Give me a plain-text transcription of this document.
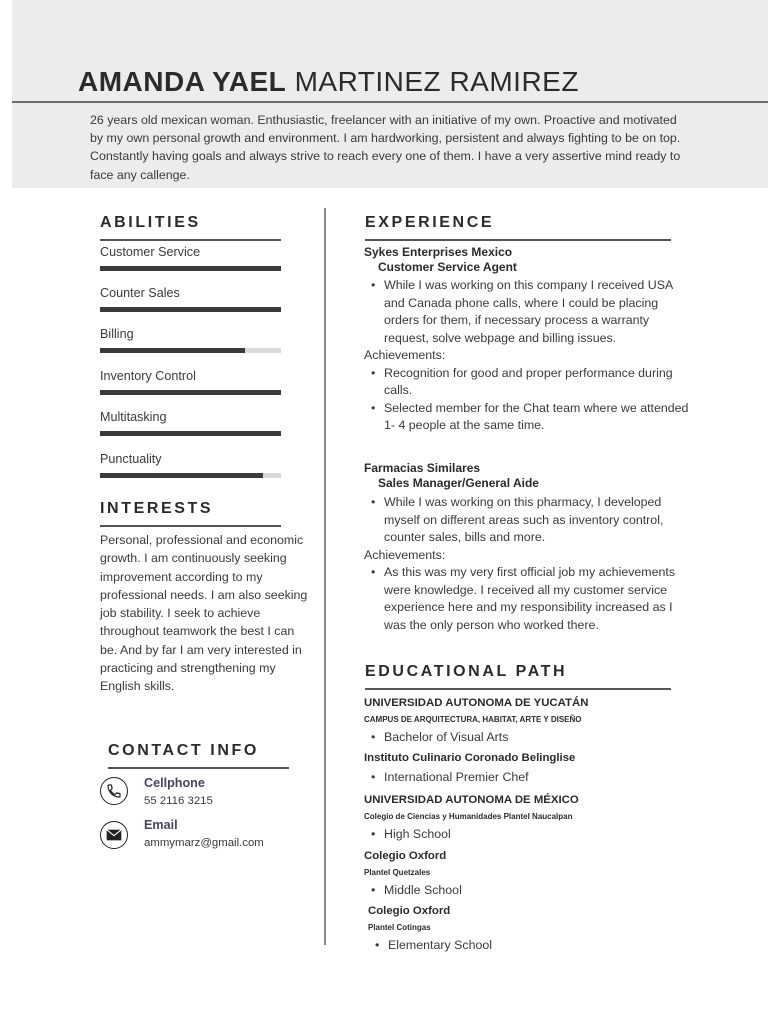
AMANDA YAEL MARTINEZ RAMIREZ
26 years old mexican woman. Enthusiastic, freelancer with an initiative of my own. Proactive and motivated by my own personal growth and environment. I am hardworking, persistent and always fighting to be on top. Constantly having goals and always strive to reach every one of them. I have a very assertive mind ready to face any callenge.
ABILITIES
Customer Service
Counter Sales
Billing
Inventory Control
Multitasking
Punctuality
INTERESTS
Personal, professional and economic growth. I am continuously seeking improvement according to my professional needs. I am also seeking job stability. I seek to achieve throughout teamwork the best I can be. And by far I am very interested in practicing and strengthening my English skills.
CONTACT INFO
Cellphone
55 2116 3215
Email
ammymarz@gmail.com
EXPERIENCE
Sykes Enterprises Mexico
Customer Service Agent
• While I was working on this company I received USA and Canada phone calls, where I could be placing orders for them, if necessary process a warranty request, solve webpage and billing issues.
Achievements:
• Recognition for good and proper performance during calls.
• Selected member for the Chat team where we attended 1- 4 people at the same time.
Farmacias Similares
Sales Manager/General Aide
• While I was working on this pharmacy, I developed myself on different areas such as inventory control, counter sales, bills and more.
Achievements:
• As this was my very first official job my achievements were knowledge. I received all my customer service experience here and my responsibility increased as I was the only person who worked there.
EDUCATIONAL PATH
UNIVERSIDAD AUTONOMA DE YUCATÁN
CAMPUS DE ARQUITECTURA, HABITAT, ARTE Y DISEÑO
• Bachelor of Visual Arts
Instituto Culinario Coronado Belinglise
• International Premier Chef
UNIVERSIDAD AUTONOMA DE MÉXICO
Colegio de Ciencias y Humanidades Plantel Naucalpan
• High School
Colegio Oxford
Plantel Quetzales
• Middle School
Colegio Oxford
Plantel Cotingas
• Elementary School
